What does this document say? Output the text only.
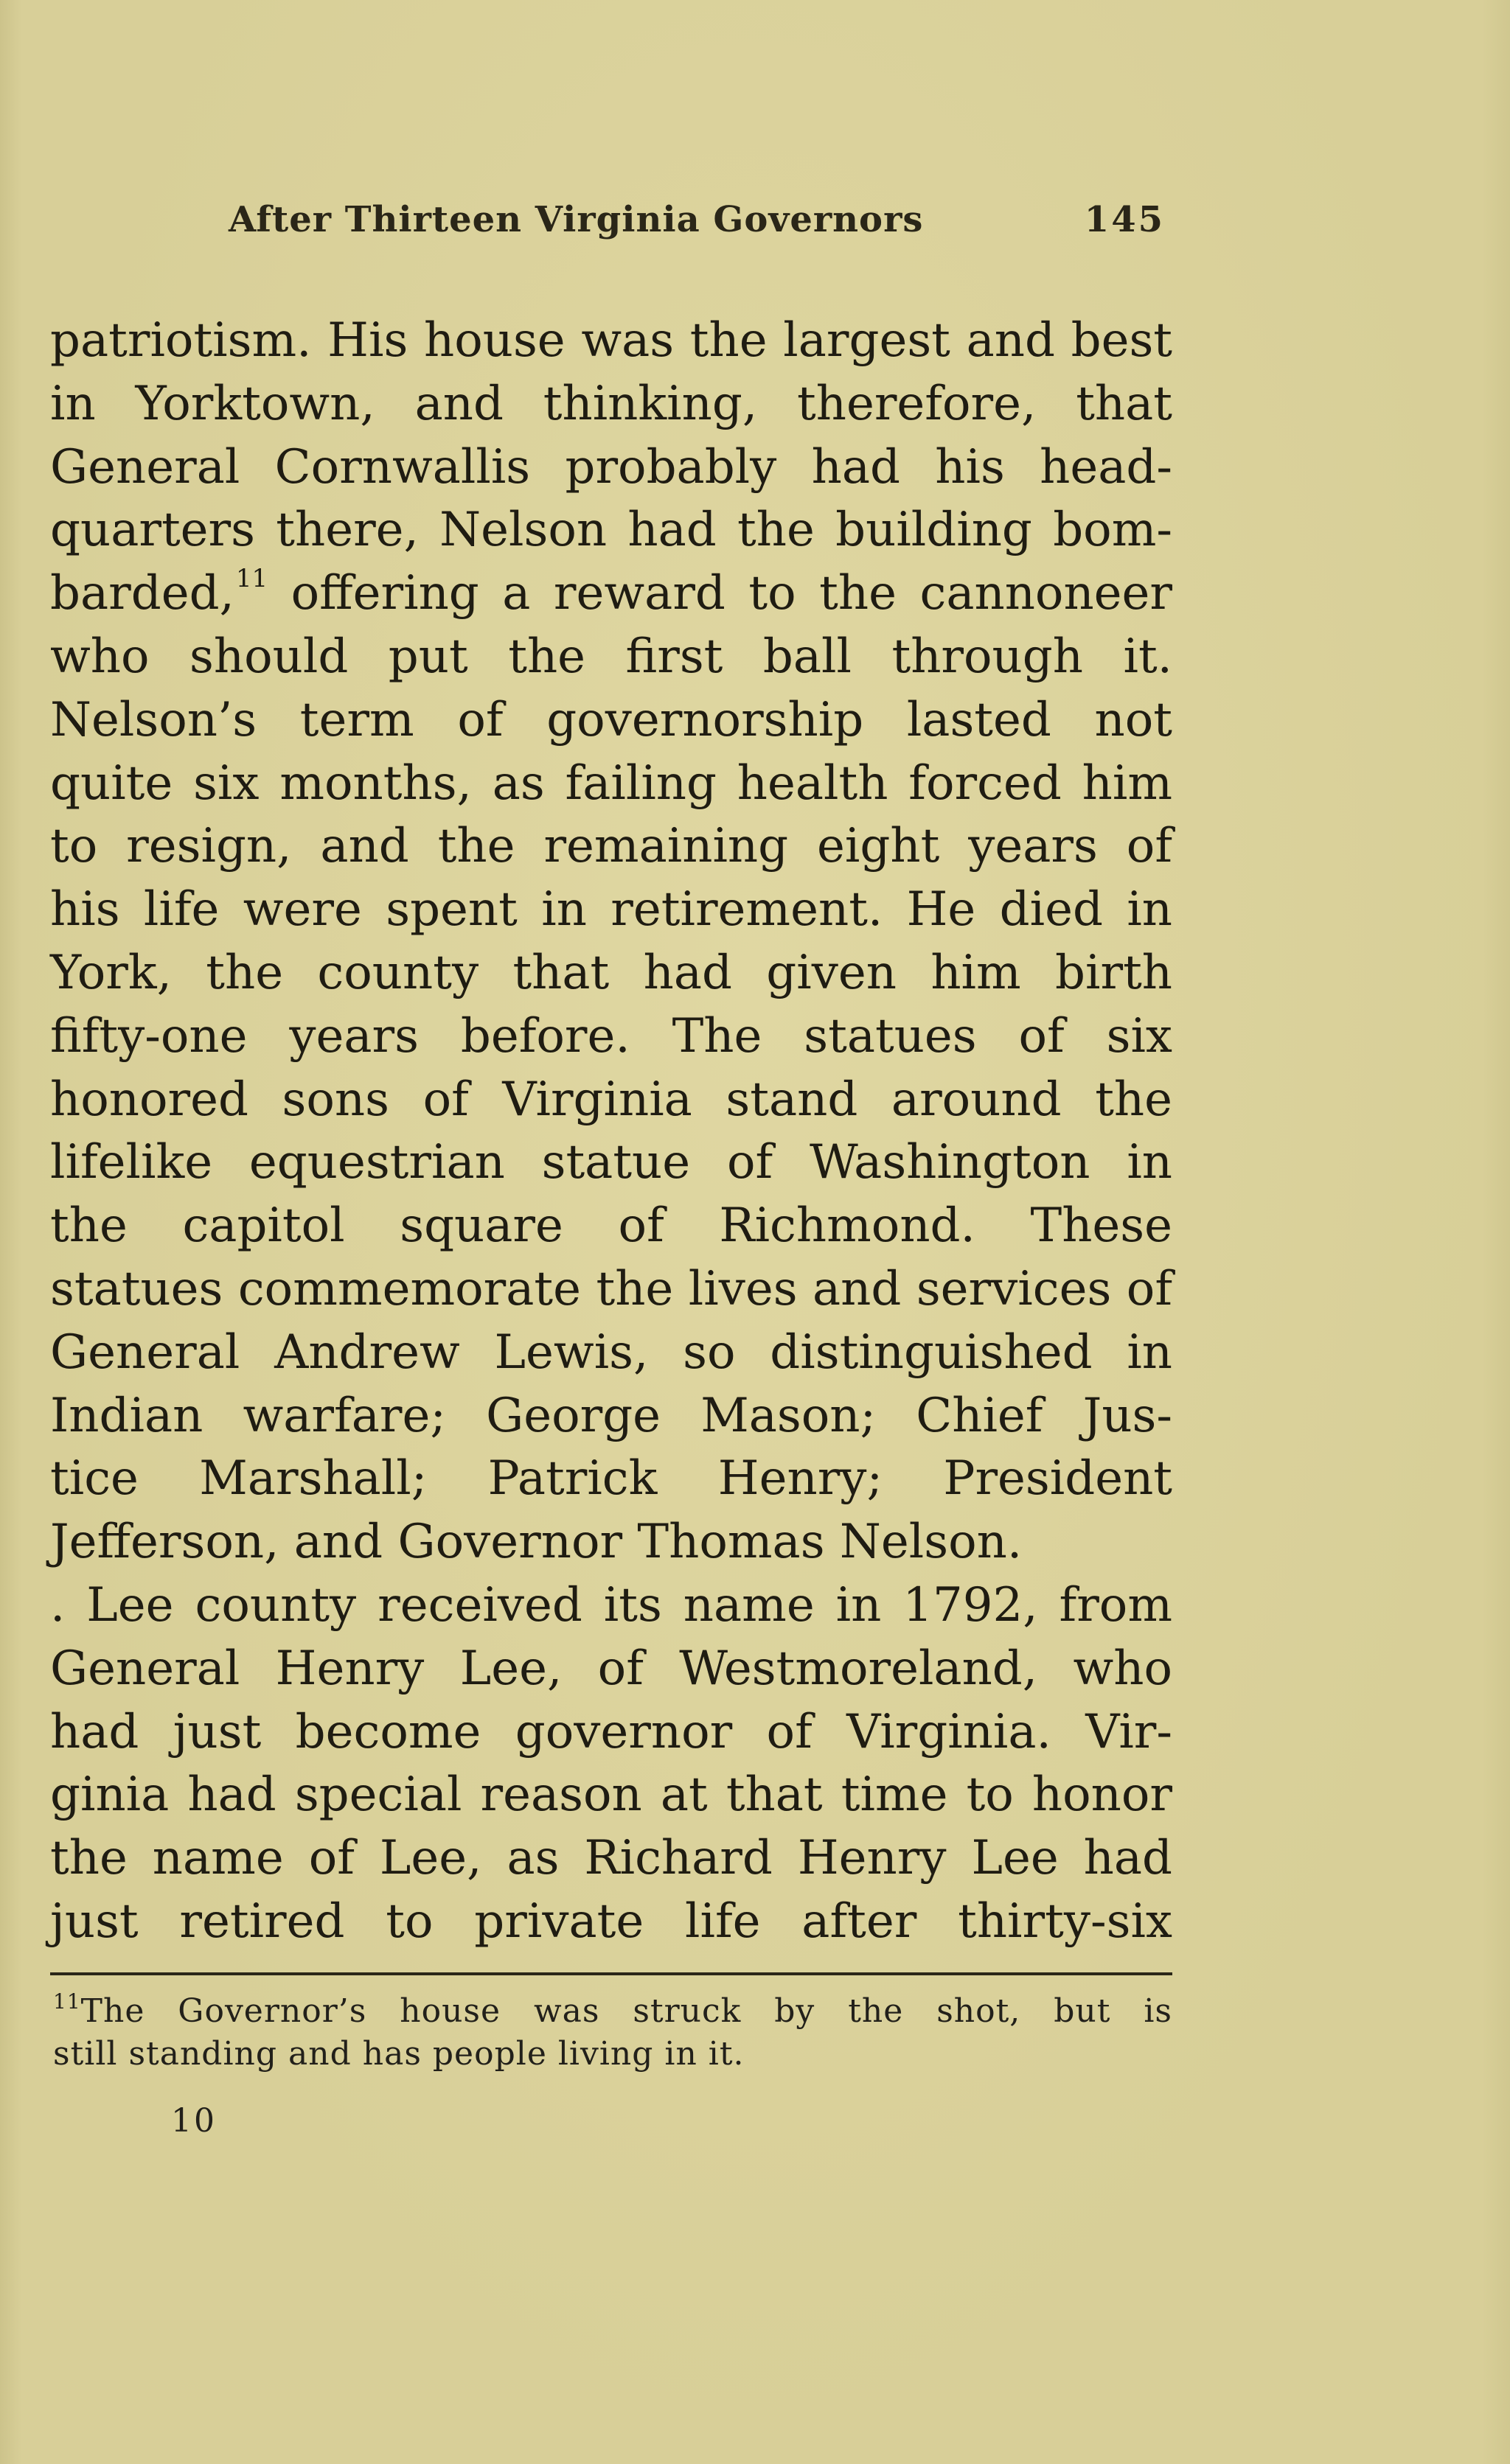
After Thirteen Virginia Governors	145
patriotism. His house was the largest and best
in Yorktown, and thinking, therefore, that
General Cornwallis probably had his head-
quarters there, Nelson had the building bom-
barded,$^{11}$ offering a reward to the cannoneer
who should put the first ball through it.
Nelson’s term of governorship lasted not
quite six months, as failing health forced him
to resign, and the remaining eight years of
his life were spent in retirement. He died in
York, the county that had given him birth
fifty-one years before. The statues of six
honored sons of Virginia stand around the
lifelike equestrian statue of Washington in
the capitol square of Richmond. These
statues commemorate the lives and services of
General Andrew Lewis, so distinguished in
Indian warfare; George Mason; Chief Jus-
tice Marshall; Patrick Henry; President
Jefferson, and Governor Thomas Nelson.
. Lee county received its name in 1792, from
General Henry Lee, of Westmoreland, who
had just become governor of Virginia. Vir-
ginia had special reason at that time to honor
the name of Lee, as Richard Henry Lee had
just retired to private life after thirty-six
$^{11}$The Governor’s house was struck by the shot, but is
still standing and has people living in it.
10
